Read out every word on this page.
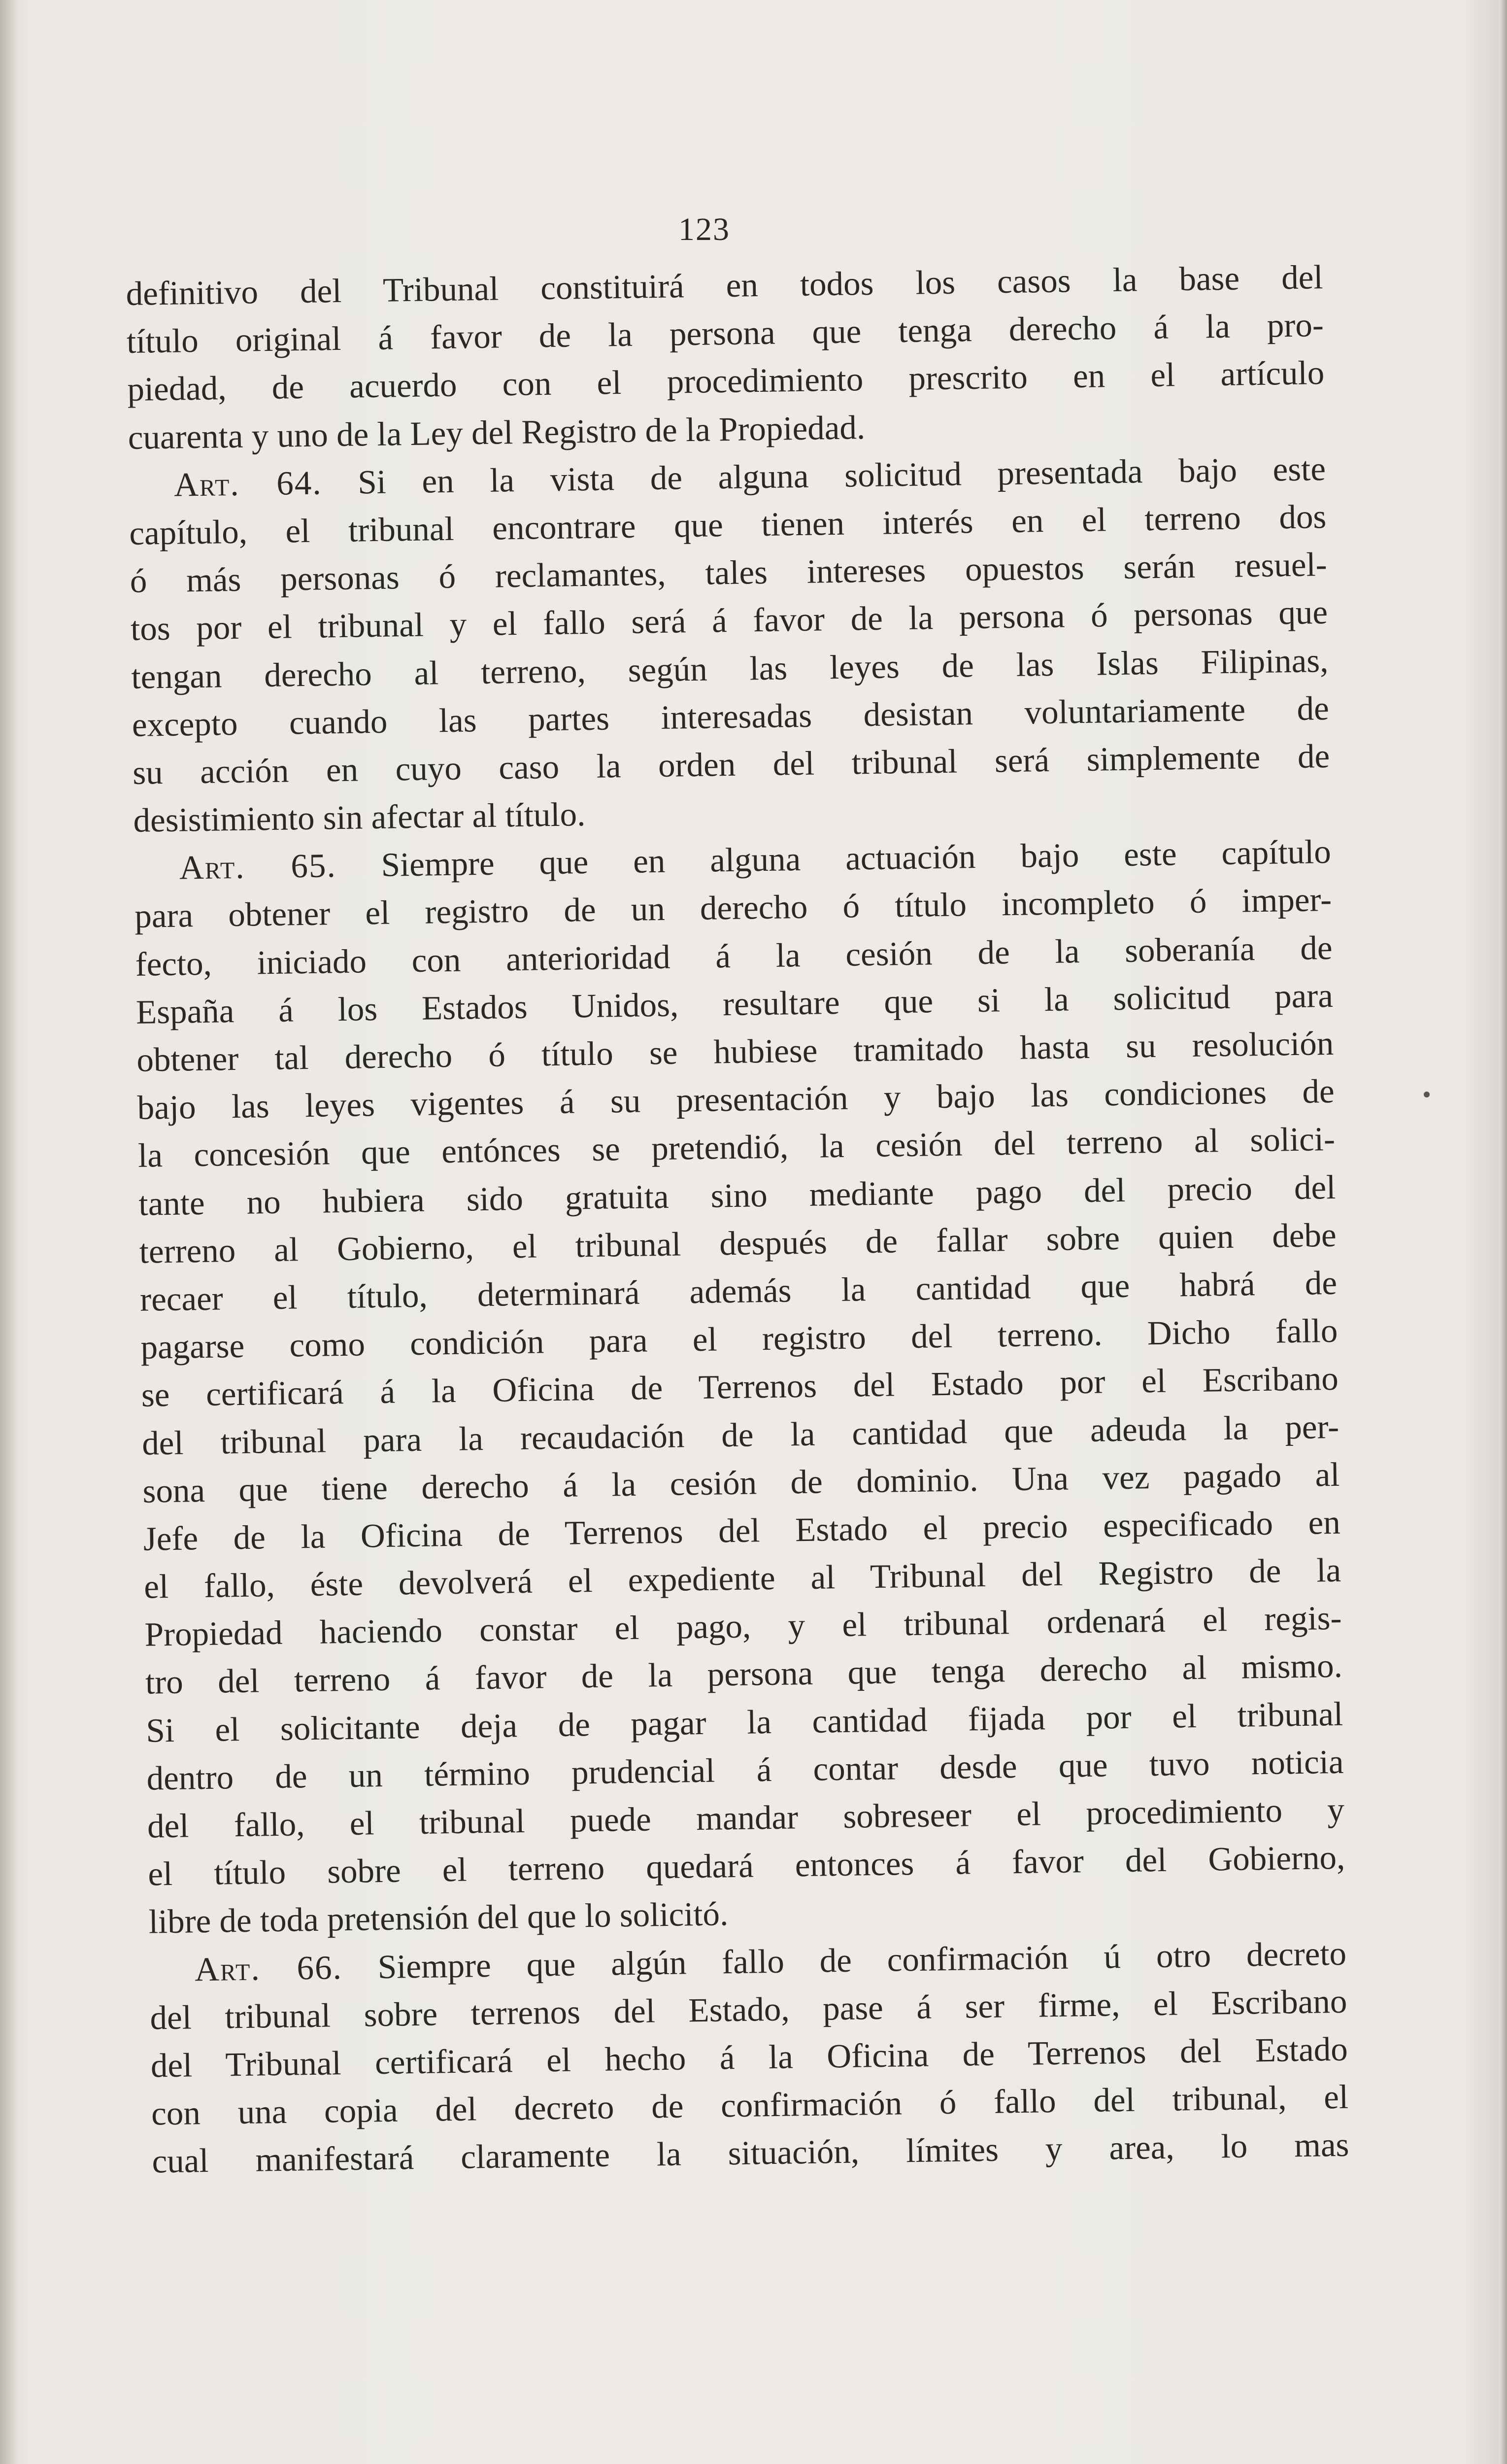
123
definitivo del Tribunal constituirá en todos los casos la base del
título original á favor de la persona que tenga derecho á la pro-
piedad, de acuerdo con el procedimiento prescrito en el artículo
cuarenta y uno de la Ley del Registro de la Propiedad.
Art. 64. Si en la vista de alguna solicitud presentada bajo este
capítulo, el tribunal encontrare que tienen interés en el terreno dos
ó más personas ó reclamantes, tales intereses opuestos serán resuel-
tos por el tribunal y el fallo será á favor de la persona ó personas que
tengan derecho al terreno, según las leyes de las Islas Filipinas,
excepto cuando las partes interesadas desistan voluntariamente de
su acción en cuyo caso la orden del tribunal será simplemente de
desistimiento sin afectar al título.
Art. 65. Siempre que en alguna actuación bajo este capítulo
para obtener el registro de un derecho ó título incompleto ó imper-
fecto, iniciado con anterioridad á la cesión de la soberanía de
España á los Estados Unidos, resultare que si la solicitud para
obtener tal derecho ó título se hubiese tramitado hasta su resolución
bajo las leyes vigentes á su presentación y bajo las condiciones de
la concesión que entónces se pretendió, la cesión del terreno al solici-
tante no hubiera sido gratuita sino mediante pago del precio del
terreno al Gobierno, el tribunal después de fallar sobre quien debe
recaer el título, determinará además la cantidad que habrá de
pagarse como condición para el registro del terreno. Dicho fallo
se certificará á la Oficina de Terrenos del Estado por el Escribano
del tribunal para la recaudación de la cantidad que adeuda la per-
sona que tiene derecho á la cesión de dominio. Una vez pagado al
Jefe de la Oficina de Terrenos del Estado el precio especificado en
el fallo, éste devolverá el expediente al Tribunal del Registro de la
Propiedad haciendo constar el pago, y el tribunal ordenará el regis-
tro del terreno á favor de la persona que tenga derecho al mismo.
Si el solicitante deja de pagar la cantidad fijada por el tribunal
dentro de un término prudencial á contar desde que tuvo noticia
del fallo, el tribunal puede mandar sobreseer el procedimiento y
el título sobre el terreno quedará entonces á favor del Gobierno,
libre de toda pretensión del que lo solicitó.
Art. 66. Siempre que algún fallo de confirmación ú otro decreto
del tribunal sobre terrenos del Estado, pase á ser firme, el Escribano
del Tribunal certificará el hecho á la Oficina de Terrenos del Estado
con una copia del decreto de confirmación ó fallo del tribunal, el
cual manifestará claramente la situación, límites y area, lo mas
